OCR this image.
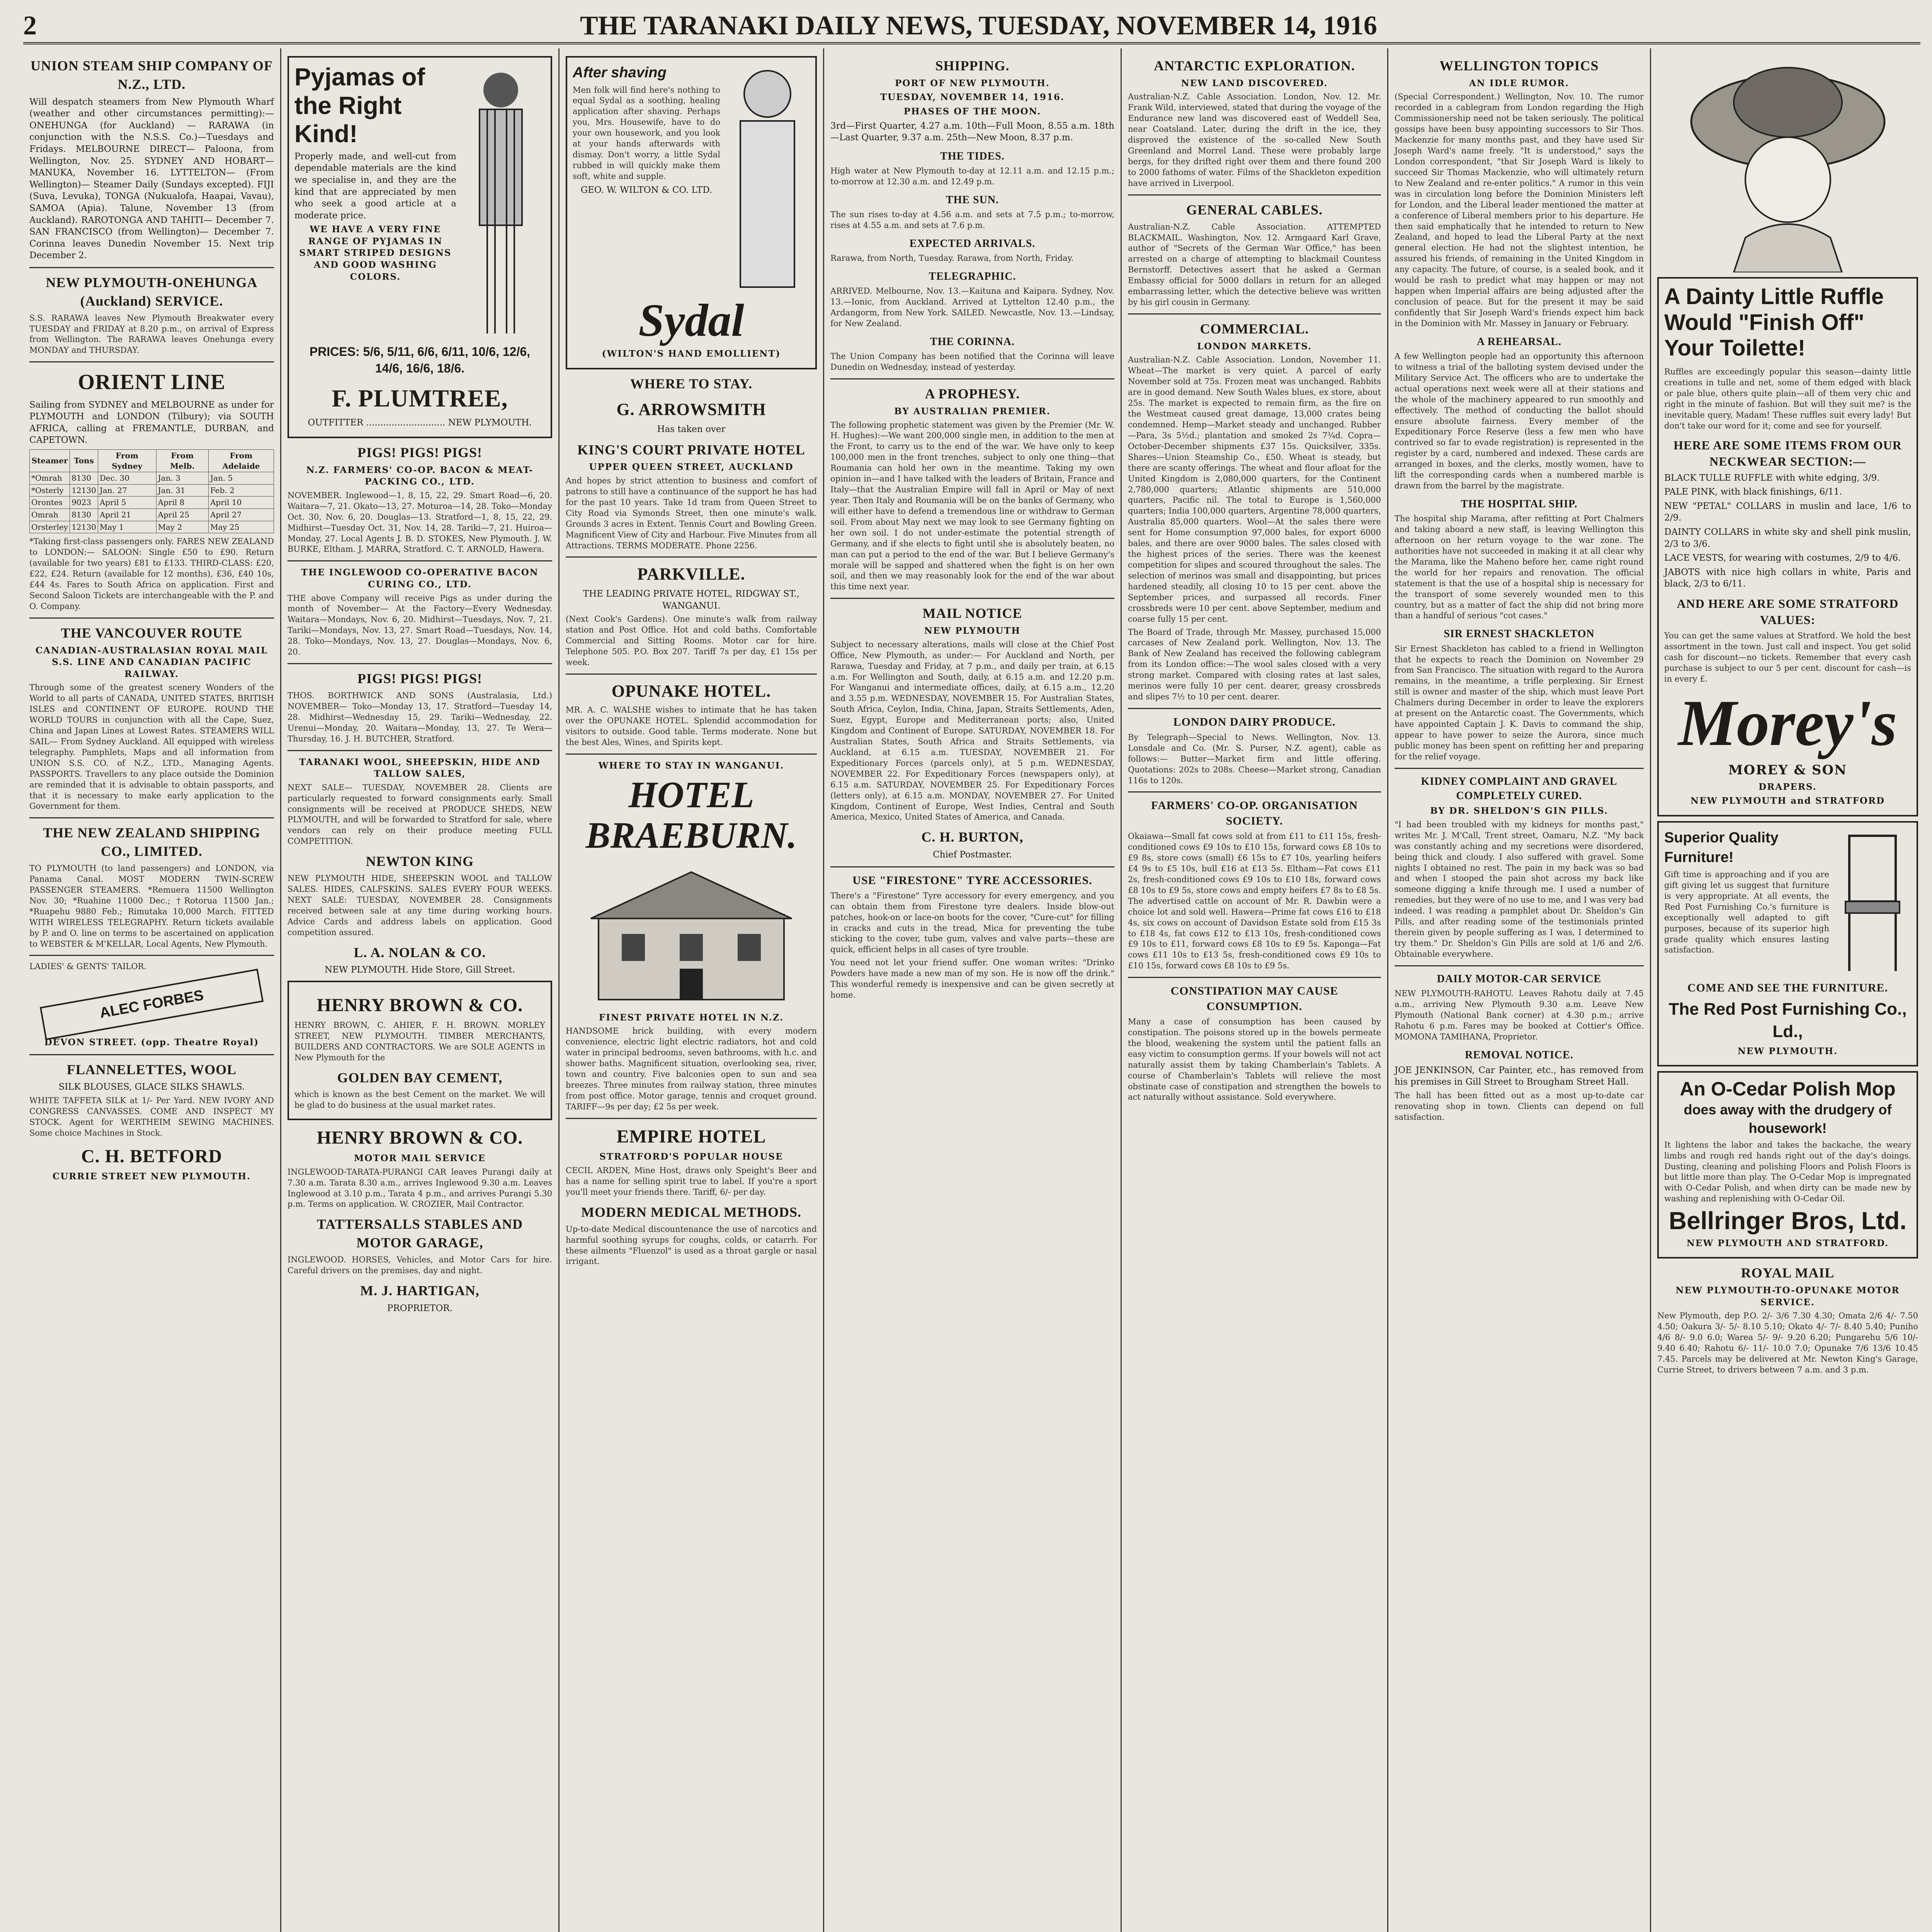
2	THE TARANAKI DAILY NEWS, TUESDAY, NOVEMBER 14, 1916
UNION STEAM SHIP COMPANY OF N.Z., LTD.

Will despatch steamers from New Plymouth Wharf (weather and other circumstances permitting):— ONEHUNGA (for Auckland) — RARAWA (in conjunction with the N.S.S. Co.)—Tuesdays and Fridays. MELBOURNE DIRECT— Paloona, from Wellington, Nov. 25. SYDNEY AND HOBART— MANUKA, November 16. LYTTELTON— (From Wellington)— Steamer Daily (Sundays excepted). FIJI (Suva, Levuka), TONGA (Nukualofa, Haapai, Vavau), SAMOA (Apia). Talune, November 13 (from Auckland). RAROTONGA AND TAHITI— December 7. SAN FRANCISCO (from Wellington)— December 7. Corinna leaves Dunedin November 15. Next trip December 2.

NEW PLYMOUTH-ONEHUNGA (Auckland) SERVICE.

S.S. RARAWA leaves New Plymouth Breakwater every TUESDAY and FRIDAY at 8.20 p.m., on arrival of Express from Wellington. The RARAWA leaves Onehunga every MONDAY and THURSDAY.

ORIENT LINE

Sailing from SYDNEY and MELBOURNE as under for PLYMOUTH and LONDON (Tilbury); via SOUTH AFRICA, calling at FREMANTLE, DURBAN, and CAPETOWN.

Steamer	Tons	From Sydney	From Melb.	From Adelaide
*Omrah	8130	Dec. 30	Jan. 3	Jan. 5
*Osterly	12130	Jan. 27	Jan. 31	Feb. 2
Orontes	9023	April 5	April 8	April 10
Omrah	8130	April 21	April 25	April 27
Orsterley	12130	May 1	May 2	May 25

*Taking first-class passengers only. FARES NEW ZEALAND to LONDON:— SALOON: Single £50 to £90. Return (available for two years) £81 to £133. THIRD-CLASS: £20, £22, £24. Return (available for 12 months), £36, £40 10s, £44 4s. Fares to South Africa on application. First and Second Saloon Tickets are interchangeable with the P. and O. Company.

THE VANCOUVER ROUTE

CANADIAN-AUSTRALASIAN ROYAL MAIL S.S. LINE AND CANADIAN PACIFIC RAILWAY.

Through some of the greatest scenery Wonders of the World to all parts of CANADA, UNITED STATES, BRITISH ISLES and CONTINENT OF EUROPE. ROUND THE WORLD TOURS in conjunction with all the Cape, Suez, China and Japan Lines at Lowest Rates. STEAMERS WILL SAIL— From Sydney Auckland. All equipped with wireless telegraphy. Pamphlets, Maps and all information from UNION S.S. CO. of N.Z., LTD., Managing Agents. PASSPORTS. Travellers to any place outside the Dominion are reminded that it is advisable to obtain passports, and that it is necessary to make early application to the Government for them.

THE NEW ZEALAND SHIPPING CO., LIMITED.

TO PLYMOUTH (to land passengers) and LONDON, via Panama Canal. MOST MODERN TWIN-SCREW PASSENGER STEAMERS. *Remuera 11500 Wellington Nov. 30; *Ruahine 11000 Dec.; †Rotorua 11500 Jan.; *Ruapehu 9880 Feb.; Rimutaka 10,000 March. FITTED WITH WIRELESS TELEGRAPHY. Return tickets available by P. and O. line on terms to be ascertained on application to WEBSTER & M'KELLAR, Local Agents, New Plymouth.

LADIES' & GENTS' TAILOR.

ALEC FORBES

DEVON STREET. (opp. Theatre Royal)

FLANNELETTES, WOOL

SILK BLOUSES, GLACE SILKS SHAWLS.

WHITE TAFFETA SILK at 1/- Per Yard. NEW IVORY AND CONGRESS CANVASSES. COME AND INSPECT MY STOCK. Agent for WERTHEIM SEWING MACHINES. Some choice Machines in Stock.

C. H. BETFORD

CURRIE STREET NEW PLYMOUTH.

Pyjamas of the Right Kind!

Properly made, and well-cut from dependable materials are the kind we specialise in, and they are the kind that are appreciated by men who seek a good article at a moderate price.

WE HAVE A VERY FINE RANGE OF PYJAMAS IN SMART STRIPED DESIGNS AND GOOD WASHING COLORS.

PRICES: 5/6, 5/11, 6/6, 6/11, 10/6, 12/6, 14/6, 16/6, 18/6.

F. PLUMTREE,

OUTFITTER ............................ NEW PLYMOUTH.

PIGS! PIGS! PIGS!

N.Z. FARMERS' CO-OP. BACON & MEAT-PACKING CO., LTD.

NOVEMBER. Inglewood—1, 8, 15, 22, 29. Smart Road—6, 20. Waitara—7, 21. Okato—13, 27. Moturoa—14, 28. Toko—Monday Oct. 30, Nov. 6, 20. Douglas—13. Stratford—1, 8, 15, 22, 29. Midhirst—Tuesday Oct. 31, Nov. 14, 28. Tariki—7, 21. Huiroa—Monday, 27. Local Agents J. B. D. STOKES, New Plymouth. J. W. BURKE, Eltham. J. MARRA, Stratford. C. T. ARNOLD, Hawera.

THE INGLEWOOD CO-OPERATIVE BACON CURING CO., LTD.

THE above Company will receive Pigs as under during the month of November— At the Factory—Every Wednesday. Waitara—Mondays, Nov. 6, 20. Midhirst—Tuesdays, Nov. 7, 21. Tariki—Mondays, Nov. 13, 27. Smart Road—Tuesdays, Nov. 14, 28. Toko—Mondays, Nov. 13, 27. Douglas—Mondays, Nov. 6, 20.

PIGS! PIGS! PIGS!

THOS. BORTHWICK AND SONS (Australasia, Ltd.) NOVEMBER— Toko—Monday 13, 17. Stratford—Tuesday 14, 28. Midhirst—Wednesday 15, 29. Tariki—Wednesday, 22. Urenui—Monday, 20. Waitara—Monday, 13, 27. Te Wera—Thursday, 16. J. H. BUTCHER, Stratford.

TARANAKI WOOL, SHEEPSKIN, HIDE AND TALLOW SALES,

NEXT SALE— TUESDAY, NOVEMBER 28. Clients are particularly requested to forward consignments early. Small consignments will be received at PRODUCE SHEDS, NEW PLYMOUTH, and will be forwarded to Stratford for sale, where vendors can rely on their produce meeting FULL COMPETITION.

NEWTON KING

NEW PLYMOUTH HIDE, SHEEPSKIN WOOL and TALLOW SALES. HIDES, CALFSKINS. SALES EVERY FOUR WEEKS. NEXT SALE: TUESDAY, NOVEMBER 28. Consignments received between sale at any time during working hours. Advice Cards and address labels on application. Good competition assured.

L. A. NOLAN & CO.

NEW PLYMOUTH. Hide Store, Gill Street.

HENRY BROWN & CO.

HENRY BROWN, C. AHIER, F. H. BROWN. MORLEY STREET, NEW PLYMOUTH. TIMBER MERCHANTS, BUILDERS AND CONTRACTORS. We are SOLE AGENTS in New Plymouth for the

GOLDEN BAY CEMENT,

which is known as the best Cement on the market. We will be glad to do business at the usual market rates.

HENRY BROWN & CO.

MOTOR MAIL SERVICE

INGLEWOOD-TARATA-PURANGI CAR leaves Purangi daily at 7.30 a.m. Tarata 8.30 a.m., arrives Inglewood 9.30 a.m. Leaves Inglewood at 3.10 p.m., Tarata 4 p.m., and arrives Purangi 5.30 p.m. Terms on application. W. CROZIER, Mail Contractor.

TATTERSALLS STABLES AND MOTOR GARAGE,

INGLEWOOD. HORSES, Vehicles, and Motor Cars for hire. Careful drivers on the premises, day and night.

M. J. HARTIGAN,

PROPRIETOR.

After shaving

Men folk will find here's nothing to equal Sydal as a soothing, healing application after shaving. Perhaps you, Mrs. Housewife, have to do your own housework, and you look at your hands afterwards with dismay. Don't worry, a little Sydal rubbed in will quickly make them soft, white and supple.

GEO. W. WILTON & CO. LTD.

Sydal

(WILTON'S HAND EMOLLIENT)

WHERE TO STAY.
G. ARROWSMITH

Has taken over

KING'S COURT PRIVATE HOTEL

UPPER QUEEN STREET, AUCKLAND

And hopes by strict attention to business and comfort of patrons to still have a continuance of the support he has had for the past 10 years. Take 1d tram from Queen Street to City Road via Symonds Street, then one minute's walk. Grounds 3 acres in Extent. Tennis Court and Bowling Green. Magnificent View of City and Harbour. Five Minutes from all Attractions. TERMS MODERATE. Phone 2256.

PARKVILLE.

THE LEADING PRIVATE HOTEL, RIDGWAY ST., WANGANUI.

(Next Cook's Gardens). One minute's walk from railway station and Post Office. Hot and cold baths. Comfortable Commercial and Sitting Rooms. Motor car for hire. Telephone 505. P.O. Box 207. Tariff 7s per day, £1 15s per week.

OPUNAKE HOTEL.

MR. A. C. WALSHE wishes to intimate that he has taken over the OPUNAKE HOTEL. Splendid accommodation for visitors to outside. Good table. Terms moderate. None but the best Ales, Wines, and Spirits kept.

WHERE TO STAY IN WANGANUI.

HOTEL BRAEBURN.

FINEST PRIVATE HOTEL IN N.Z.

HANDSOME brick building, with every modern convenience, electric light electric radiators, hot and cold water in principal bedrooms, seven bathrooms, with h.c. and shower baths. Magnificent situation, overlooking sea, river, town and country. Five balconies open to sun and sea breezes. Three minutes from railway station, three minutes from post office. Motor garage, tennis and croquet ground. TARIFF—9s per day; £2 5s per week.

EMPIRE HOTEL

STRATFORD'S POPULAR HOUSE

CECIL ARDEN, Mine Host, draws only Speight's Beer and has a name for selling spirit true to label. If you're a sport you'll meet your friends there. Tariff, 6/- per day.

MODERN MEDICAL METHODS.

Up-to-date Medical discountenance the use of narcotics and harmful soothing syrups for coughs, colds, or catarrh. For these ailments "Fluenzol" is used as a throat gargle or nasal irrigant.

SHIPPING.

PORT OF NEW PLYMOUTH.

TUESDAY, NOVEMBER 14, 1916.

PHASES OF THE MOON.

3rd—First Quarter, 4.27 a.m. 10th—Full Moon, 8.55 a.m. 18th—Last Quarter, 9.37 a.m. 25th—New Moon, 8.37 p.m.

THE TIDES.

High water at New Plymouth to-day at 12.11 a.m. and 12.15 p.m.; to-morrow at 12.30 a.m. and 12.49 p.m.

THE SUN.

The sun rises to-day at 4.56 a.m. and sets at 7.5 p.m.; to-morrow, rises at 4.55 a.m. and sets at 7.6 p.m.

EXPECTED ARRIVALS.

Rarawa, from North, Tuesday. Rarawa, from North, Friday.

TELEGRAPHIC.

ARRIVED. Melbourne, Nov. 13.—Kaituna and Kaipara. Sydney, Nov. 13.—Ionic, from Auckland. Arrived at Lyttelton 12.40 p.m., the Ardangorm, from New York. SAILED. Newcastle, Nov. 13.—Lindsay, for New Zealand.

THE CORINNA.

The Union Company has been notified that the Corinna will leave Dunedin on Wednesday, instead of yesterday.

A PROPHESY.

BY AUSTRALIAN PREMIER.

The following prophetic statement was given by the Premier (Mr. W. H. Hughes):—We want 200,000 single men, in addition to the men at the Front, to carry us to the end of the war. We have only to keep 100,000 men in the front trenches, subject to only one thing—that Roumania can hold her own in the meantime. Taking my own opinion in—and I have talked with the leaders of Britain, France and Italy—that the Australian Empire will fall in April or May of next year. Then Italy and Roumania will be on the banks of Germany, who will either have to defend a tremendous line or withdraw to German soil. From about May next we may look to see Germany fighting on her own soil. I do not under-estimate the potential strength of Germany, and if she elects to fight until she is absolutely beaten, no man can put a period to the end of the war. But I believe Germany's morale will be sapped and shattered when the fight is on her own soil, and then we may reasonably look for the end of the war about this time next year.

MAIL NOTICE

NEW PLYMOUTH

Subject to necessary alterations, mails will close at the Chief Post Office, New Plymouth, as under:— For Auckland and North, per Rarawa, Tuesday and Friday, at 7 p.m., and daily per train, at 6.15 a.m. For Wellington and South, daily, at 6.15 a.m. and 12.20 p.m. For Wanganui and intermediate offices, daily, at 6.15 a.m., 12.20 and 3.55 p.m. WEDNESDAY, NOVEMBER 15. For Australian States, South Africa, Ceylon, India, China, Japan, Straits Settlements, Aden, Suez, Egypt, Europe and Mediterranean ports; also, United Kingdom and Continent of Europe. SATURDAY, NOVEMBER 18. For Australian States, South Africa and Straits Settlements, via Auckland, at 6.15 a.m. TUESDAY, NOVEMBER 21. For Expeditionary Forces (parcels only), at 5 p.m. WEDNESDAY, NOVEMBER 22. For Expeditionary Forces (newspapers only), at 6.15 a.m. SATURDAY, NOVEMBER 25. For Expeditionary Forces (letters only), at 6.15 a.m. MONDAY, NOVEMBER 27. For United Kingdom, Continent of Europe, West Indies, Central and South America, Mexico, United States of America, and Canada.

C. H. BURTON,

Chief Postmaster.

USE "FIRESTONE" TYRE ACCESSORIES.

There's a "Firestone" Tyre accessory for every emergency, and you can obtain them from Firestone tyre dealers. Inside blow-out patches, hook-on or lace-on boots for the cover, "Cure-cut" for filling in cracks and cuts in the tread, Mica for preventing the tube sticking to the cover, tube gum, valves and valve parts—these are quick, efficient helps in all cases of tyre trouble.

You need not let your friend suffer. One woman writes: "Drinko Powders have made a new man of my son. He is now off the drink." This wonderful remedy is inexpensive and can be given secretly at home.

ANTARCTIC EXPLORATION.

NEW LAND DISCOVERED.

Australian-N.Z. Cable Association. London, Nov. 12. Mr. Frank Wild, interviewed, stated that during the voyage of the Endurance new land was discovered east of Weddell Sea, near Coatsland. Later, during the drift in the ice, they disproved the existence of the so-called New South Greenland and Morrel Land. These were probably large bergs, for they drifted right over them and there found 200 to 2000 fathoms of water. Films of the Shackleton expedition have arrived in Liverpool.

GENERAL CABLES.

Australian-N.Z. Cable Association. ATTEMPTED BLACKMAIL. Washington, Nov. 12. Armgaard Karl Grave, author of "Secrets of the German War Office," has been arrested on a charge of attempting to blackmail Countess Bernstorff. Detectives assert that he asked a German Embassy official for 5000 dollars in return for an alleged embarrassing letter, which the detective believe was written by his girl cousin in Germany.

COMMERCIAL.

LONDON MARKETS.

Australian-N.Z. Cable Association. London, November 11. Wheat—The market is very quiet. A parcel of early November sold at 75s. Frozen meat was unchanged. Rabbits are in good demand. New South Wales blues, ex store, about 25s. The market is expected to remain firm, as the fire on the Westmeat caused great damage, 13,000 crates being condemned. Hemp—Market steady and unchanged. Rubber—Para, 3s 5½d.; plantation and smoked 2s 7¾d. Copra—October-December shipments £37 15s. Quicksilver, 335s. Shares—Union Steamship Co., £50. Wheat is steady, but there are scanty offerings. The wheat and flour afloat for the United Kingdom is 2,080,000 quarters, for the Continent 2,780,000 quarters; Atlantic shipments are 510,000 quarters, Pacific nil. The total to Europe is 1,560,000 quarters; India 100,000 quarters, Argentine 78,000 quarters, Australia 85,000 quarters. Wool—At the sales there were sent for Home consumption 97,000 bales, for export 6000 bales, and there are over 9000 bales. The sales closed with the highest prices of the series. There was the keenest competition for slipes and scoured throughout the sales. The selection of merinos was small and disappointing, but prices hardened steadily, all closing 10 to 15 per cent. above the September prices, and surpassed all records. Finer crossbreds were 10 per cent. above September, medium and coarse fully 15 per cent.

The Board of Trade, through Mr. Massey, purchased 15,000 carcases of New Zealand pork. Wellington, Nov. 13. The Bank of New Zealand has received the following cablegram from its London office:—The wool sales closed with a very strong market. Compared with closing rates at last sales, merinos were fully 10 per cent. dearer, greasy crossbreds and slipes 7½ to 10 per cent. dearer.

LONDON DAIRY PRODUCE.

By Telegraph—Special to News. Wellington, Nov. 13. Lonsdale and Co. (Mr. S. Purser, N.Z. agent), cable as follows:— Butter—Market firm and little offering. Quotations: 202s to 208s. Cheese—Market strong, Canadian 116s to 120s.

FARMERS' CO-OP. ORGANISATION SOCIETY.

Okaiawa—Small fat cows sold at from £11 to £11 15s, fresh-conditioned cows £9 10s to £10 15s, forward cows £8 10s to £9 8s, store cows (small) £6 15s to £7 10s, yearling heifers £4 9s to £5 10s, bull £16 at £13 5s. Eltham—Fat cows £11 2s, fresh-conditioned cows £9 10s to £10 18s, forward cows £8 10s to £9 5s, store cows and empty heifers £7 8s to £8 5s. The advertised cattle on account of Mr. R. Dawbin were a choice lot and sold well. Hawera—Prime fat cows £16 to £18 4s, six cows on account of Davidson Estate sold from £15 3s to £18 4s, fat cows £12 to £13 10s, fresh-conditioned cows £9 10s to £11, forward cows £8 10s to £9 5s. Kaponga—Fat cows £11 10s to £13 5s, fresh-conditioned cows £9 10s to £10 15s, forward cows £8 10s to £9 5s.

CONSTIPATION MAY CAUSE CONSUMPTION.

Many a case of consumption has been caused by constipation. The poisons stored up in the bowels permeate the blood, weakening the system until the patient falls an easy victim to consumption germs. If your bowels will not act naturally assist them by taking Chamberlain's Tablets. A course of Chamberlain's Tablets will relieve the most obstinate case of constipation and strengthen the bowels to act naturally without assistance. Sold everywhere.

WELLINGTON TOPICS

AN IDLE RUMOR.

(Special Correspondent.) Wellington, Nov. 10. The rumor recorded in a cablegram from London regarding the High Commissionership need not be taken seriously. The political gossips have been busy appointing successors to Sir Thos. Mackenzie for many months past, and they have used Sir Joseph Ward's name freely. "It is understood," says the London correspondent, "that Sir Joseph Ward is likely to succeed Sir Thomas Mackenzie, who will ultimately return to New Zealand and re-enter politics." A rumor in this vein was in circulation long before the Dominion Ministers left for London, and the Liberal leader mentioned the matter at a conference of Liberal members prior to his departure. He then said emphatically that he intended to return to New Zealand, and hoped to lead the Liberal Party at the next general election. He had not the slightest intention, he assured his friends, of remaining in the United Kingdom in any capacity. The future, of course, is a sealed book, and it would be rash to predict what may happen or may not happen when Imperial affairs are being adjusted after the conclusion of peace. But for the present it may be said confidently that Sir Joseph Ward's friends expect him back in the Dominion with Mr. Massey in January or February.

A REHEARSAL.

A few Wellington people had an opportunity this afternoon to witness a trial of the balloting system devised under the Military Service Act. The officers who are to undertake the actual operations next week were all at their stations and the whole of the machinery appeared to run smoothly and effectively. The method of conducting the ballot should ensure absolute fairness. Every member of the Expeditionary Force Reserve (less a few men who have contrived so far to evade registration) is represented in the register by a card, numbered and indexed. These cards are arranged in boxes, and the clerks, mostly women, have to lift the corresponding cards when a numbered marble is drawn from the barrel by the magistrate.

THE HOSPITAL SHIP.

The hospital ship Marama, after refitting at Port Chalmers and taking aboard a new staff, is leaving Wellington this afternoon on her return voyage to the war zone. The authorities have not succeeded in making it at all clear why the Marama, like the Maheno before her, came right round the world for her repairs and renovation. The official statement is that the use of a hospital ship is necessary for the transport of some severely wounded men to this country, but as a matter of fact the ship did not bring more than a handful of serious "cot cases."

SIR ERNEST SHACKLETON

Sir Ernest Shackleton has cabled to a friend in Wellington that he expects to reach the Dominion on November 29 from San Francisco. The situation with regard to the Aurora remains, in the meantime, a trifle perplexing. Sir Ernest still is owner and master of the ship, which must leave Port Chalmers during December in order to leave the explorers at present on the Antarctic coast. The Governments, which have appointed Captain J. K. Davis to command the ship, appear to have power to seize the Aurora, since much public money has been spent on refitting her and preparing for the relief voyage.

KIDNEY COMPLAINT AND GRAVEL COMPLETELY CURED.

BY DR. SHELDON'S GIN PILLS.

"I had been troubled with my kidneys for months past," writes Mr. J. M'Call, Trent street, Oamaru, N.Z. "My back was constantly aching and my secretions were disordered, being thick and cloudy. I also suffered with gravel. Some nights I obtained no rest. The pain in my back was so bad and when I stooped the pain shot across my back like someone digging a knife through me. I used a number of remedies, but they were of no use to me, and I was very bad indeed. I was reading a pamphlet about Dr. Sheldon's Gin Pills, and after reading some of the testimonials printed therein given by people suffering as I was, I determined to try them." Dr. Sheldon's Gin Pills are sold at 1/6 and 2/6. Obtainable everywhere.

DAILY MOTOR-CAR SERVICE

NEW PLYMOUTH-RAHOTU. Leaves Rahotu daily at 7.45 a.m., arriving New Plymouth 9.30 a.m. Leave New Plymouth (National Bank corner) at 4.30 p.m.; arrive Rahotu 6 p.m. Fares may be booked at Cottier's Office. MOMONA TAMIHANA, Proprietor.

REMOVAL NOTICE.

JOE JENKINSON, Car Painter, etc., has removed from his premises in Gill Street to Brougham Street Hall.

The hall has been fitted out as a most up-to-date car renovating shop in town. Clients can depend on full satisfaction.

A Dainty Little Ruffle Would "Finish Off" Your Toilette!

Ruffles are exceedingly popular this season—dainty little creations in tulle and net, some of them edged with black or pale blue, others quite plain—all of them very chic and right in the minute of fashion. But will they suit me? is the inevitable query, Madam! These ruffles suit every lady! But don't take our word for it; come and see for yourself.

HERE ARE SOME ITEMS FROM OUR NECKWEAR SECTION:—

BLACK TULLE RUFFLE with white edging, 3/9.

PALE PINK, with black finishings, 6/11.

NEW "PETAL" COLLARS in muslin and lace, 1/6 to 2/9.

DAINTY COLLARS in white sky and shell pink muslin, 2/3 to 3/6.

LACE VESTS, for wearing with costumes, 2/9 to 4/6.

JABOTS with nice high collars in white, Paris and black, 2/3 to 6/11.

AND HERE ARE SOME STRATFORD VALUES:

You can get the same values at Stratford. We hold the best assortment in the town. Just call and inspect. You get solid cash for discount—no tickets. Remember that every cash purchase is subject to our 5 per cent. discount for cash—is in every £.

Morey's

MOREY & SON

DRAPERS.

NEW PLYMOUTH and STRATFORD

Superior Quality Furniture!

Gift time is approaching and if you are gift giving let us suggest that furniture is very appropriate. At all events, the Red Post Furnishing Co.'s furniture is exceptionally well adapted to gift purposes, because of its superior high grade quality which ensures lasting satisfaction.

COME AND SEE THE FURNITURE.
The Red Post Furnishing Co., Ld.,

NEW PLYMOUTH.

An O-Cedar Polish Mop
does away with the drudgery of housework!

It lightens the labor and takes the backache, the weary limbs and rough red hands right out of the day's doings. Dusting, cleaning and polishing Floors and Polish Floors is but little more than play. The O-Cedar Mop is impregnated with O-Cedar Polish, and when dirty can be made new by washing and replenishing with O-Cedar Oil.

Bellringer Bros, Ltd.

NEW PLYMOUTH AND STRATFORD.

ROYAL MAIL

NEW PLYMOUTH-TO-OPUNAKE MOTOR SERVICE.

New Plymouth, dep P.O. 2/- 3/6 7.30 4.30; Omata 2/6 4/- 7.50 4.50; Oakura 3/- 5/- 8.10 5.10; Okato 4/- 7/- 8.40 5.40; Puniho 4/6 8/- 9.0 6.0; Warea 5/- 9/- 9.20 6.20; Pungarehu 5/6 10/- 9.40 6.40; Rahotu 6/- 11/- 10.0 7.0; Opunake 7/6 13/6 10.45 7.45. Parcels may be delivered at Mr. Newton King's Garage, Currie Street, to drivers between 7 a.m. and 3 p.m.
